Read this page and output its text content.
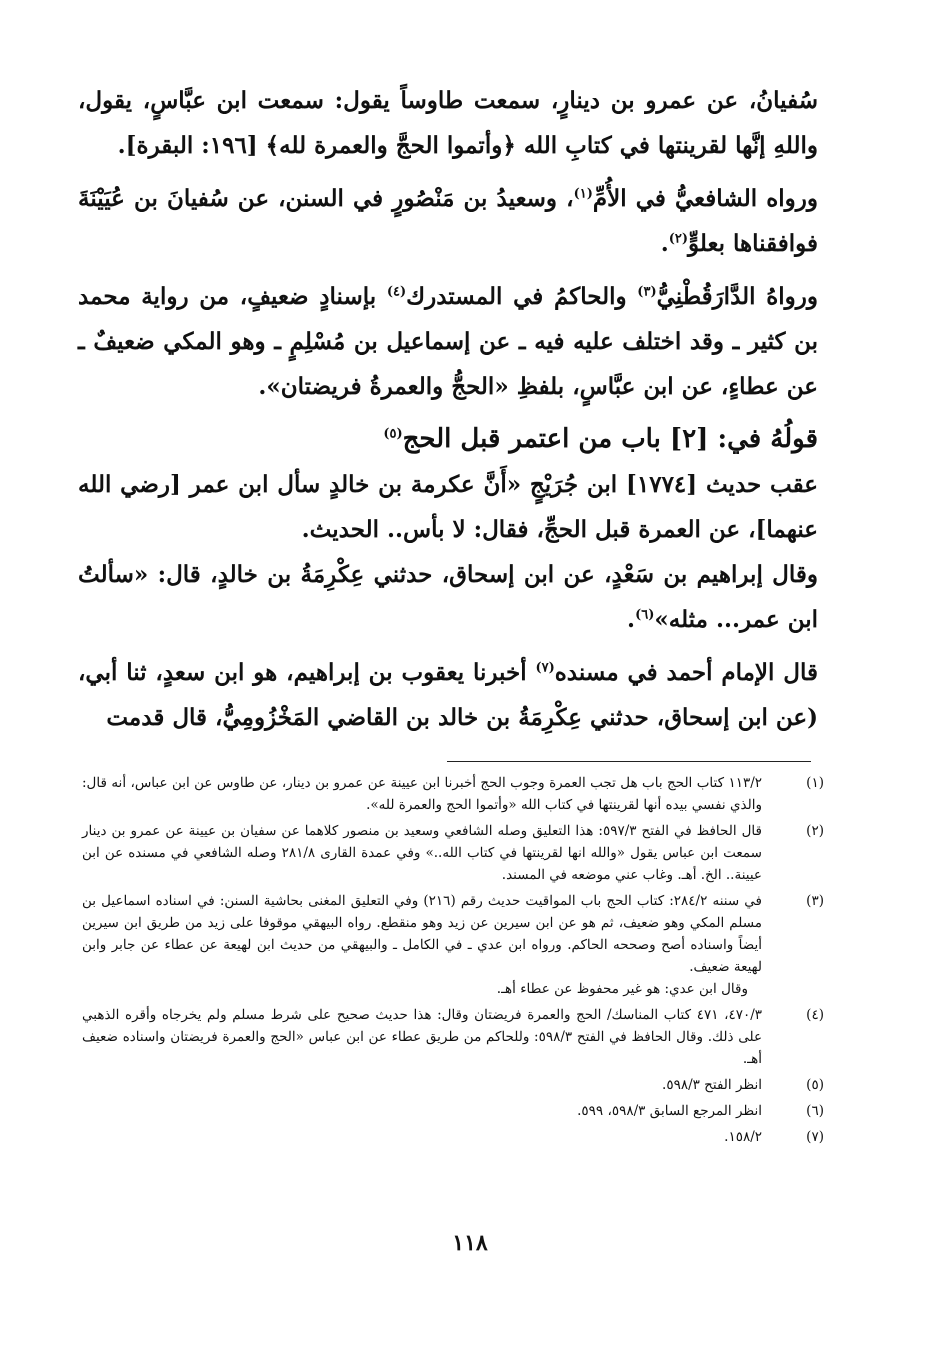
سُفيانُ، عن عمرو بن دينارٍ، سمعت طاوساً يقول: سمعت ابن عبَّاسٍ، يقول، واللهِ إنَّها لقرينتها في كتابِ الله ﴿وأتموا الحجَّ والعمرة لله﴾ [١٩٦: البقرة].

ورواه الشافعيُّ في الأُمِّ$^{(١)}$، وسعيدُ بن مَنْصُورٍ في السنن، عن سُفيانَ بن عُيَيْنَةَ فوافقناها بعلوٍّ$^{(٢)}$.

ورواهُ الدَّارَقُطْنِيُّ$^{(٣)}$ والحاكمُ في المستدرك$^{(٤)}$ بإسنادٍ ضعيفٍ، من رواية محمد بن كثير ـ وقد اختلف عليه فيه ـ عن إسماعيل بن مُسْلِمٍ ـ وهو المكي ضعيفٌ ـ عن عطاءٍ، عن ابن عبَّاسٍ، بلفظِ «الحجُّ والعمرةُ فريضتان».

قولُهُ في: [٢] باب من اعتمر قبل الحج$^{(٥)}$

عقب حديث [١٧٧٤] ابن جُرَيْجٍ «أَنَّ عكرمة بن خالدٍ سأل ابن عمر [رضي الله عنهما]، عن العمرة قبل الحجِّ، فقال: لا بأس.. الحديث.

وقال إبراهيم بن سَعْدٍ، عن ابن إسحاق، حدثني عِكْرِمَةُ بن خالدٍ، قال: «سألتُ ابن عمر... مثله»$^{(٦)}$.

قال الإمام أحمد في مسنده$^{(٧)}$ أخبرنا يعقوب بن إبراهيم، هو ابن سعدٍ، ثنا أبي، (عن ابن إسحاق، حدثني عِكْرِمَةُ بن خالد بن القاضي المَخْزُومِيُّ، قال قدمت

(١)
١١٣/٢ كتاب الحج باب هل تجب العمرة وجوب الحج أخبرنا ابن عيينة عن عمرو بن دينار، عن طاوس عن ابن عباس، أنه قال: والذي نفسي بيده أنها لقرينتها في كتاب الله «وأتموا الحج والعمرة لله».
(٢)
قال الحافظ في الفتح ٥٩٧/٣: هذا التعليق وصله الشافعي وسعيد بن منصور كلاهما عن سفيان بن عيينة عن عمرو بن دينار سمعت ابن عباس يقول «والله انها لقرينتها في كتاب الله..» وفي عمدة القارى ٢٨١/٨ وصله الشافعي في مسنده عن ابن عيينة.. الخ. أهـ. وغاب عني موضعه في المسند.
(٣)
في سننه ٢٨٤/٢: كتاب الحج باب المواقيت حديث رقم (٢١٦) وفي التعليق المغنى بحاشية السنن: في اسناده اسماعيل بن مسلم المكي وهو ضعيف، ثم هو عن ابن سيرين عن زيد وهو منقطع. رواه البيهقي موقوفا على زيد من طريق ابن سيرين أيضاً واسناده أصح وصححه الحاكم. ورواه ابن عدي ـ في الكامل ـ والبيهقي من حديث ابن لهيعة عن عطاء عن جابر وابن لهيعة ضعيف.
وقال ابن عدي: هو غير محفوظ عن عطاء أهـ.
(٤)
٤٧٠/٣، ٤٧١ كتاب المناسك/ الحج والعمرة فريضتان وقال: هذا حديث صحيح على شرط مسلم ولم يخرجاه وأقره الذهبي على ذلك. وقال الحافظ في الفتح ٥٩٨/٣: وللحاكم من طريق عطاء عن ابن عباس «الحج والعمرة فريضتان واسناده ضعيف أهـ.
(٥)
انظر الفتح ٥٩٨/٣.
(٦)
انظر المرجع السابق ٥٩٨/٣، ٥٩٩.
(٧)
١٥٨/٢.
١١٨
